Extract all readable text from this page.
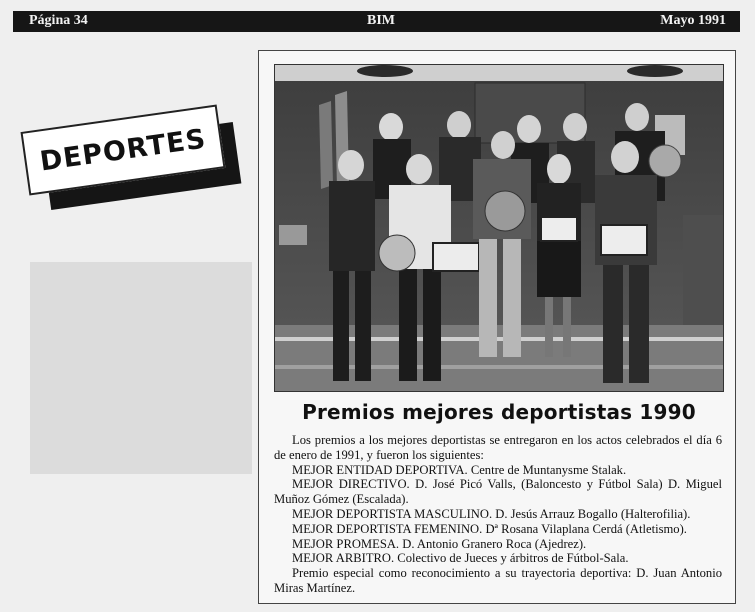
Página 34	BIM	Mayo 1991
DEPORTES
Premios mejores deportistas 1990

Los premios a los mejores deportistas se entregaron en los actos celebrados el día 6 de enero de 1991, y fueron los siguientes:

MEJOR ENTIDAD DEPORTIVA. Centre de Muntanysme Stalak.

MEJOR DIRECTIVO. D. José Picó Valls, (Baloncesto y Fútbol Sala) D. Miguel Muñoz Gómez (Escalada).

MEJOR DEPORTISTA MASCULINO. D. Jesús Arrauz Bogallo (Halterofilia).

MEJOR DEPORTISTA FEMENINO. Dª Rosana Vilaplana Cerdá (Atletismo).

MEJOR PROMESA. D. Antonio Granero Roca (Ajedrez).

MEJOR ARBITRO. Colectivo de Jueces y árbitros de Fútbol-Sala.

Premio especial como reconocimiento a su trayectoria deportiva: D. Juan Antonio Miras Martínez.
